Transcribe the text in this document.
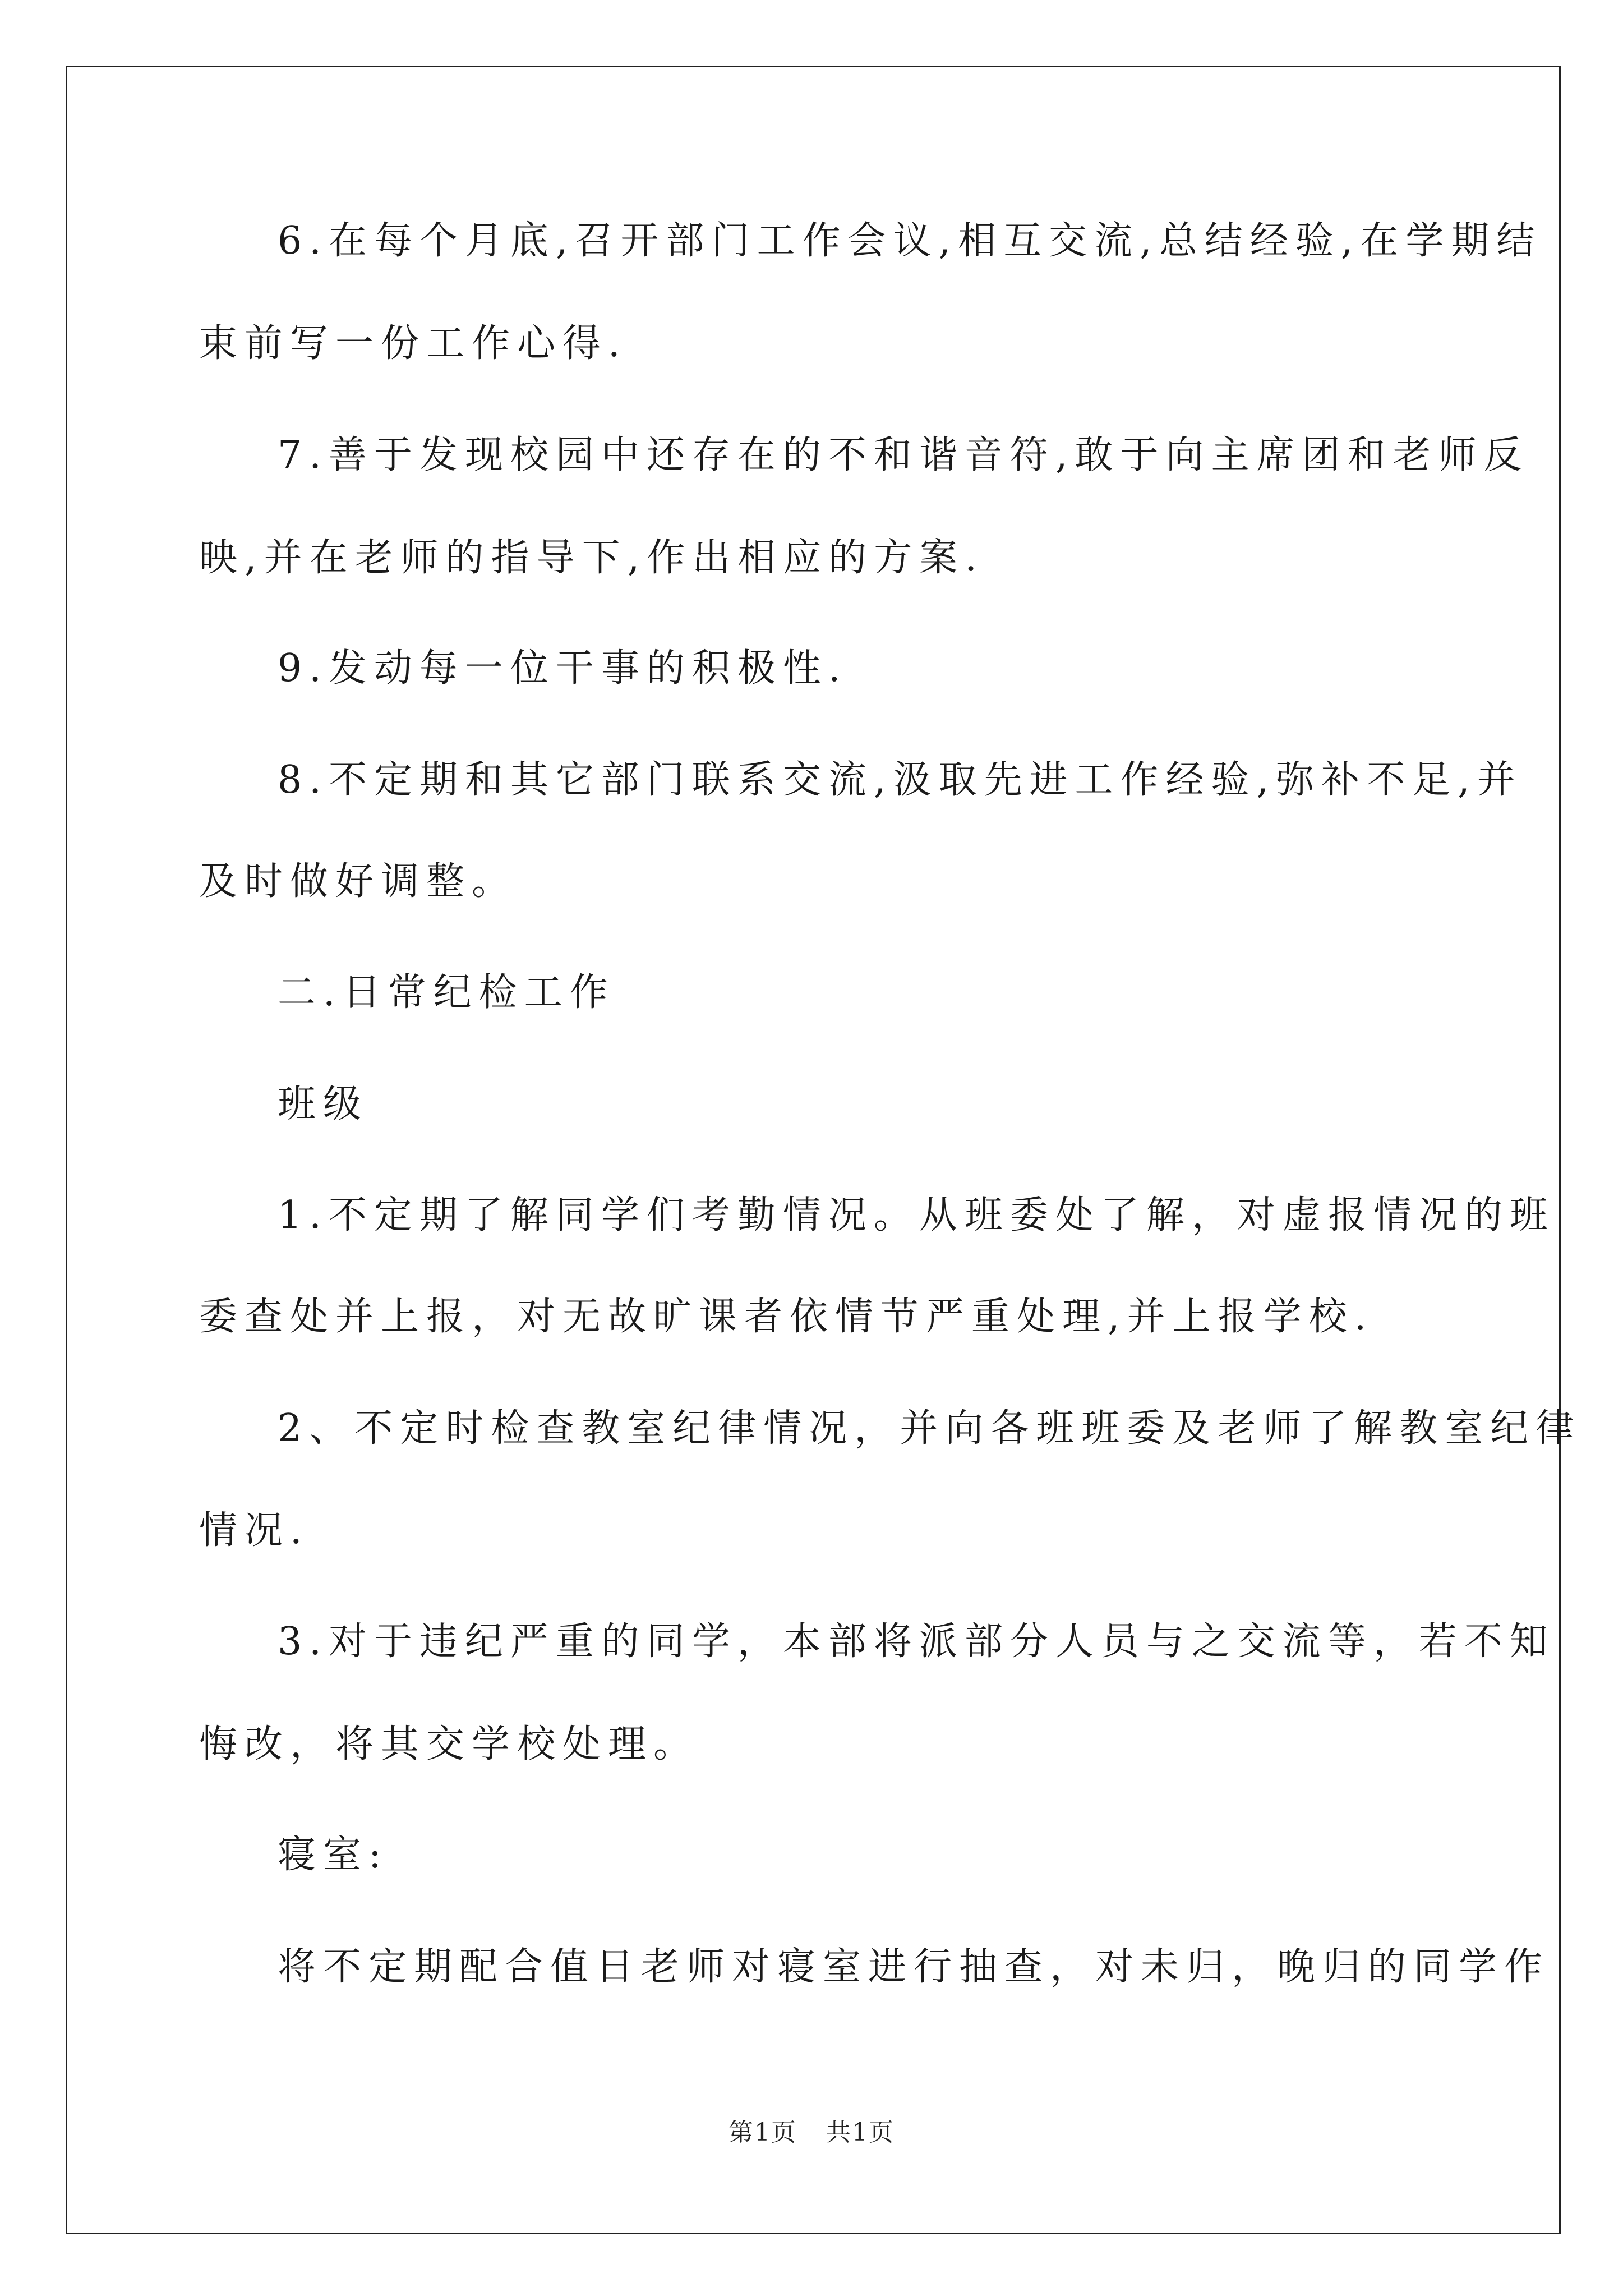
6.在每个月底,召开部门工作会议,相互交流,总结经验,在学期结
束前写一份工作心得.
7.善于发现校园中还存在的不和谐音符,敢于向主席团和老师反
映,并在老师的指导下,作出相应的方案.
9.发动每一位干事的积极性.
8.不定期和其它部门联系交流,汲取先进工作经验,弥补不足,并
及时做好调整。
二.日常纪检工作
班级
1.不定期了解同学们考勤情况。从班委处了解，对虚报情况的班
委查处并上报，对无故旷课者依情节严重处理,并上报学校.
2、不定时检查教室纪律情况，并向各班班委及老师了解教室纪律
情况.
3.对于违纪严重的同学，本部将派部分人员与之交流等，若不知
悔改，将其交学校处理。
寝室:
将不定期配合值日老师对寝室进行抽查，对未归，晚归的同学作
第1页 共1页
